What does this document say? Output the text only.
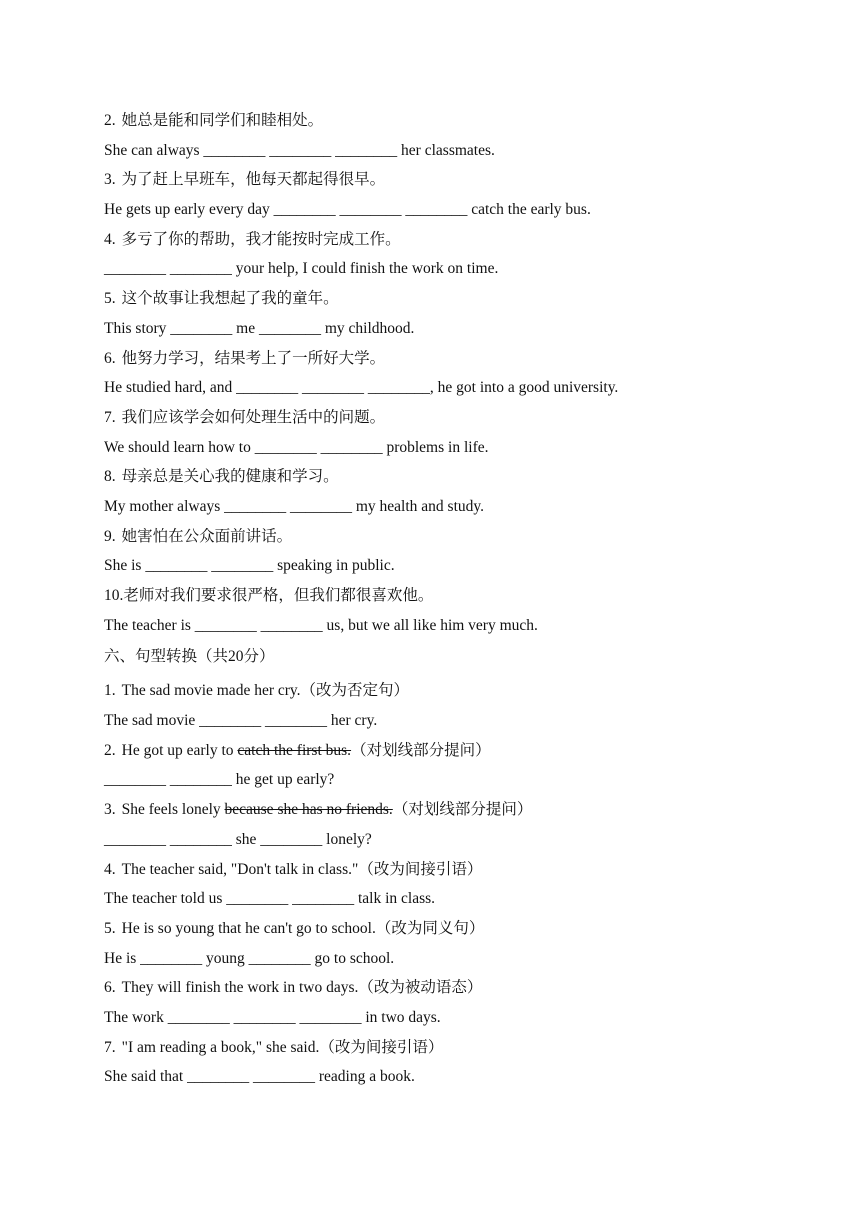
2. 她总是能和同学们和睦相处。
She can always ________ ________ ________ her classmates.
3. 为了赶上早班车，他每天都起得很早。
He gets up early every day ________ ________ ________ catch the early bus.
4. 多亏了你的帮助，我才能按时完成工作。
________ ________ your help, I could finish the work on time.
5. 这个故事让我想起了我的童年。
This story ________ me ________ my childhood.
6. 他努力学习，结果考上了一所好大学。
He studied hard, and ________ ________ ________, he got into a good university.
7. 我们应该学会如何处理生活中的问题。
We should learn how to ________ ________ problems in life.
8. 母亲总是关心我的健康和学习。
My mother always ________ ________ my health and study.
9. 她害怕在公众面前讲话。
She is ________ ________ speaking in public.
10.老师对我们要求很严格，但我们都很喜欢他。
The teacher is ________ ________ us, but we all like him very much.
六、句型转换（共20分）
1. The sad movie made her cry.（改为否定句）
The sad movie ________ ________ her cry.
2. He got up early to catch the first bus.（对划线部分提问）
________ ________ he get up early?
3. She feels lonely because she has no friends.（对划线部分提问）
________ ________ she ________ lonely?
4. The teacher said, "Don't talk in class."（改为间接引语）
The teacher told us ________ ________ talk in class.
5. He is so young that he can't go to school.（改为同义句）
He is ________ young ________ go to school.
6. They will finish the work in two days.（改为被动语态）
The work ________ ________ ________ in two days.
7. "I am reading a book," she said.（改为间接引语）
She said that ________ ________ reading a book.
